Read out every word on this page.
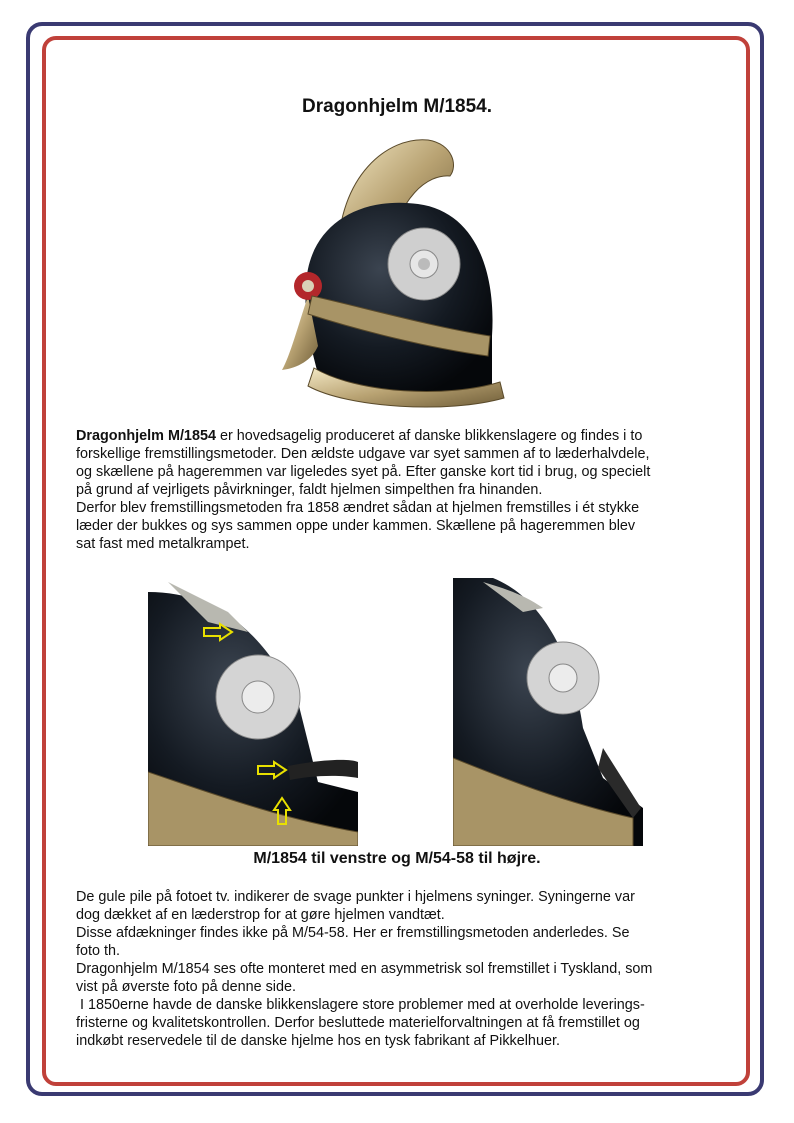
Dragonhjelm M/1854.
Dragonhjelm M/1854 er hovedsagelig produceret af danske blikkenslagere og findes i to

forskellige fremstillingsmetoder. Den ældste udgave var syet sammen af to læderhalvdele,
og skællene på hageremmen var ligeledes syet på. Efter ganske kort tid i brug, og specielt
på grund af vejrligets påvirkninger, faldt hjelmen simpelthen fra hinanden.
Derfor blev fremstillingsmetoden fra 1858 ændret sådan at hjelmen fremstilles i ét stykke
læder der bukkes og sys sammen oppe under kammen. Skællene på hageremmen blev
sat fast med metalkrampet.
M/1854 til venstre og M/54-58 til højre.
De gule pile på fotoet tv. indikerer de svage punkter i hjelmens syninger. Syningerne var
dog dækket af en læderstrop for at gøre hjelmen vandtæt.
Disse afdækninger findes ikke på M/54-58. Her er fremstillingsmetoden anderledes. Se
foto th.
Dragonhjelm M/1854 ses ofte monteret med en asymmetrisk sol fremstillet i Tyskland, som
vist på øverste foto på denne side.
I 1850erne havde de danske blikkenslagere store problemer med at overholde leverings-
fristerne og kvalitetskontrollen. Derfor besluttede materielforvaltningen at få fremstillet og
indkøbt reservedele til de danske hjelme hos en tysk fabrikant af Pikkelhuer.
